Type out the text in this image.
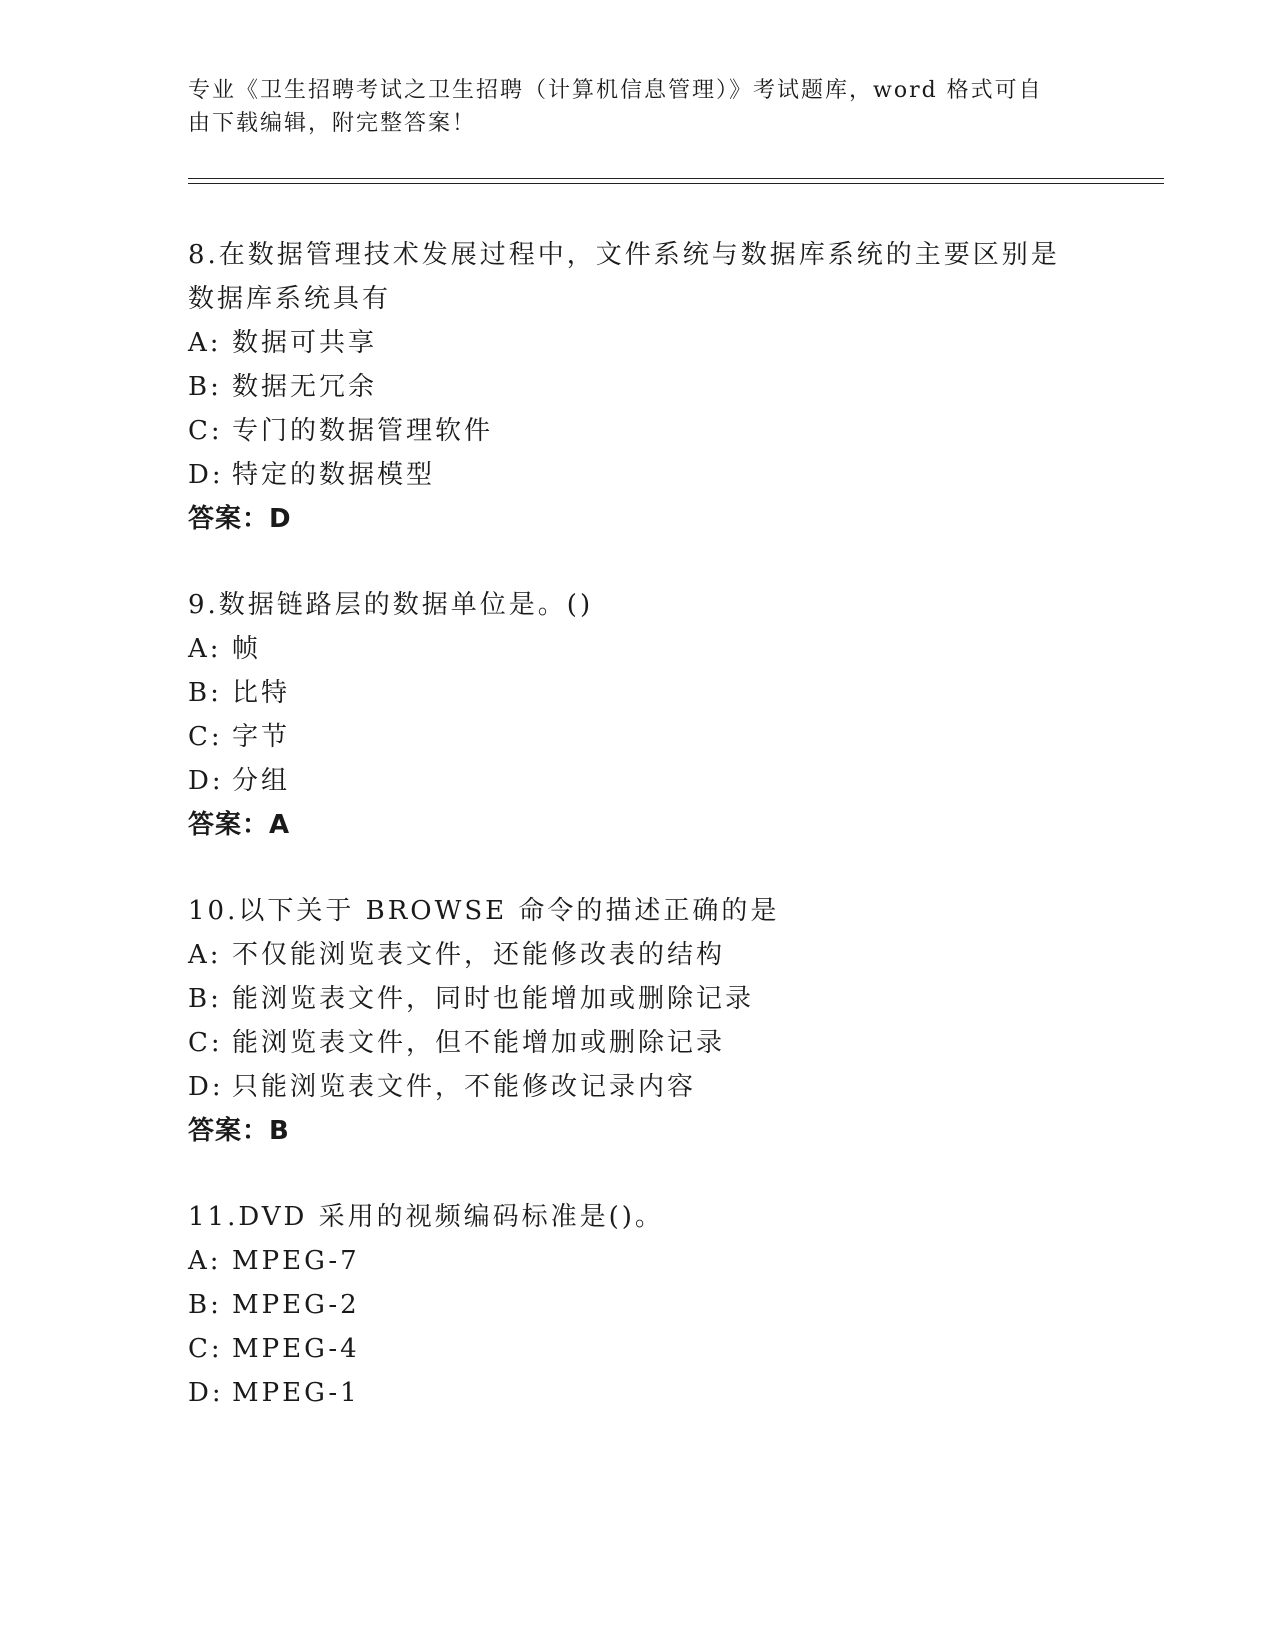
专业《卫生招聘考试之卫生招聘（计算机信息管理）》考试题库，word 格式可自
由下载编辑，附完整答案！
8.在数据管理技术发展过程中，文件系统与数据库系统的主要区别是
数据库系统具有
A: 数据可共享
B: 数据无冗余
C: 专门的数据管理软件
D: 特定的数据模型
答案：D
9.数据链路层的数据单位是。()
A: 帧
B: 比特
C: 字节
D: 分组
答案：A
10.以下关于 BROWSE 命令的描述正确的是
A: 不仅能浏览表文件，还能修改表的结构
B: 能浏览表文件，同时也能增加或删除记录
C: 能浏览表文件，但不能增加或删除记录
D: 只能浏览表文件，不能修改记录内容
答案：B
11.DVD 采用的视频编码标准是()。
A: MPEG-7
B: MPEG-2
C: MPEG-4
D: MPEG-1
